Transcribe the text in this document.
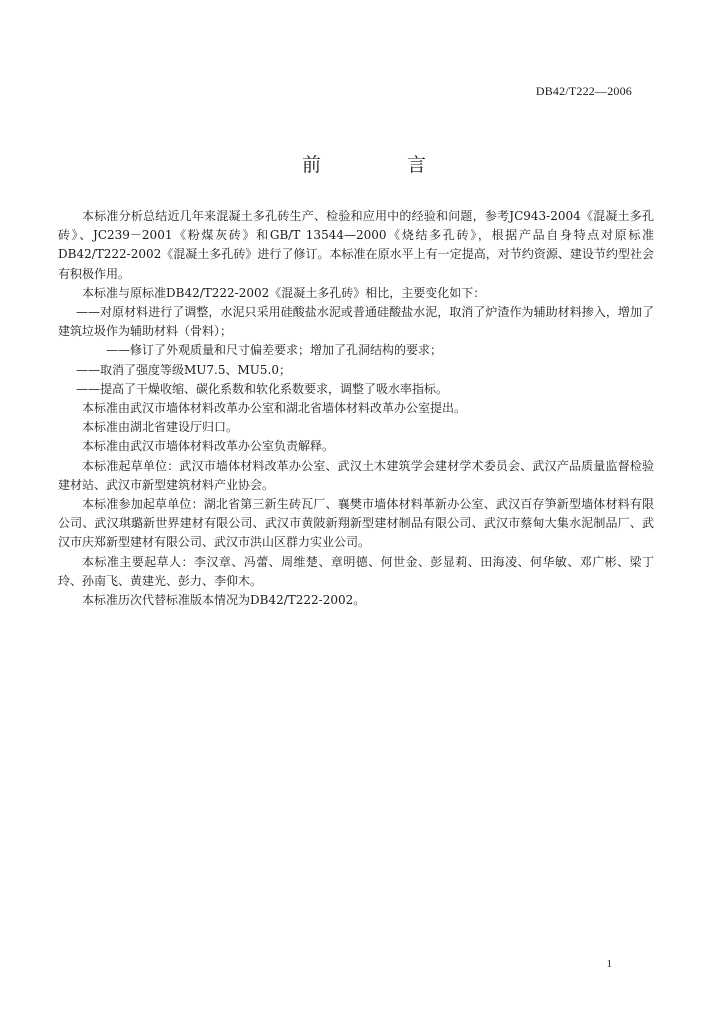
DB42/T222—2006
前 言

本标准分析总结近几年来混凝土多孔砖生产、检验和应用中的经验和问题，参考JC943-2004《混凝土多孔砖》、JC239－2001《粉煤灰砖》和GB/T 13544—2000《烧结多孔砖》，根据产品自身特点对原标准DB42/T222-2002《混凝土多孔砖》进行了修订。本标准在原水平上有一定提高，对节约资源、建设节约型社会有积极作用。

本标准与原标准DB42/T222-2002《混凝土多孔砖》相比，主要变化如下：

——对原材料进行了调整，水泥只采用硅酸盐水泥或普通硅酸盐水泥，取消了炉渣作为辅助材料掺入，增加了建筑垃圾作为辅助材料（骨料）；

——修订了外观质量和尺寸偏差要求；增加了孔洞结构的要求；

——取消了强度等级MU7.5、MU5.0；

——提高了干燥收缩、碳化系数和软化系数要求，调整了吸水率指标。

本标准由武汉市墙体材料改革办公室和湖北省墙体材料改革办公室提出。

本标准由湖北省建设厅归口。

本标准由武汉市墙体材料改革办公室负责解释。

本标准起草单位：武汉市墙体材料改革办公室、武汉土木建筑学会建材学术委员会、武汉产品质量监督检验建材站、武汉市新型建筑材料产业协会。

本标准参加起草单位：湖北省第三新生砖瓦厂、襄樊市墙体材料革新办公室、武汉百存笋新型墙体材料有限公司、武汉琪璐新世界建材有限公司、武汉市黄陂新翔新型建材制品有限公司、武汉市蔡甸大集水泥制品厂、武汉市庆郑新型建材有限公司、武汉市洪山区群力实业公司。

本标准主要起草人：李汉章、冯蕾、周维楚、章明德、何世金、彭显莉、田海凌、何华敏、邓广彬、梁丁玲、孙南飞、黄建光、彭力、李仰木。

本标准历次代替标准版本情况为DB42/T222-2002。

1
